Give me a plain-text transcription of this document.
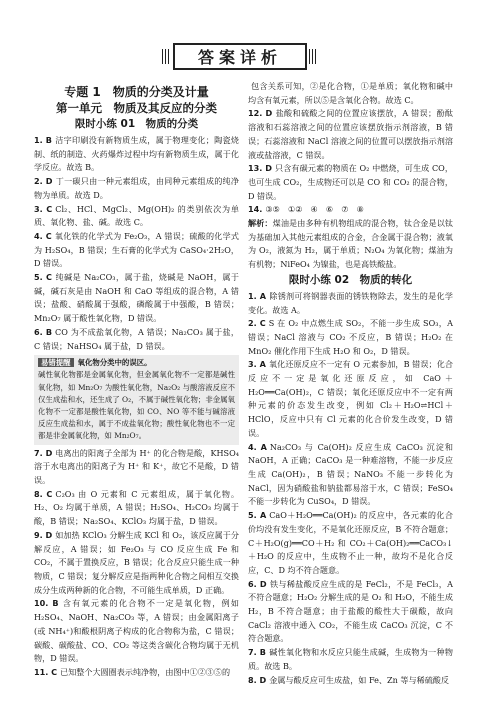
答案详析
专题 1　物质的分类及计量
第一单元　物质及其反应的分类
限时小练 01　物质的分类

1. B 洁字印刷没有新物质生成，属于物理变化；陶瓷烧制、纸的制造、火药爆炸过程中均有新物质生成，属于化学反应。故选 B。

2. D 丁一碳只由一种元素组成，由同种元素组成的纯净物为单质。故选 D。

3. C Cl₂、HCl、MgCl₂、Mg(OH)₂ 的类别依次为单质、氧化物、盐、碱。故选 C。

4. C 氧化铁的化学式为 Fe₂O₃，A 错误；硫酸的化学式为 H₂SO₄，B 错误；生石膏的化学式为 CaSO₄·2H₂O，D 错误。

5. C 纯碱是 Na₂CO₃，属于盐，烧碱是 NaOH，属于碱，碱石灰是由 NaOH 和 CaO 等组成的混合物，A 错误；盐酸、硝酸属于强酸，磷酸属于中强酸，B 错误；Mn₂O₇ 属于酸性氧化物，D 错误。

6. B CO 为不成盐氧化物，A 错误；Na₂CO₃ 属于盐，C 错误；NaHSO₄ 属于盐，D 错误。

易错提醒 氧化物分类中的误区。
碱性氧化物都是金属氧化物，但金属氧化物不一定都是碱性氧化物，如 Mn₂O₇ 为酸性氧化物，Na₂O₂ 与酸溶液反应不仅生成盐和水，还生成了 O₂，不属于碱性氧化物；非金属氧化物不一定都是酸性氧化物，如 CO、NO 等不能与碱溶液反应生成盐和水，属于不成盐氧化物；酸性氧化物也不一定都是非金属氧化物，如 Mn₂O₇。

7. D 电离出的阳离子全部为 H⁺ 的化合物是酸，KHSO₄ 溶于水电离出的阳离子为 H⁺ 和 K⁺，故它不是酸，D 错误。

8. C C₂O₃ 由 O 元素和 C 元素组成，属于氧化物。H₂、O₂ 均属于单质，A 错误；H₂SO₄、H₂CO₃ 均属于酸，B 错误；Na₂SO₄、KClO₃ 均属于盐，D 错误。

9. D 如加热 KClO₃ 分解生成 KCl 和 O₂，该反应属于分解反应，A 错误；如 Fe₂O₃ 与 CO 反应生成 Fe 和 CO₂，不属于置换反应，B 错误；化合反应只能生成一种物质，C 错误；复分解反应是指两种化合物之间相互交换成分生成两种新的化合物，不可能生成单质，D 正确。

10. B 含有氧元素的化合物不一定是氧化物，例如 H₂SO₄、NaOH、Na₂CO₃ 等，A 错误；由金属阳离子(或 NH₄⁺)和酸根阴离子构成的化合物称为盐，C 错误；碳酸、碳酸盐、CO、CO₂ 等这类含碳化合物均属于无机物，D 错误。

11. C 已知整个大圆圈表示纯净物，由图中①②③⑤的

包含关系可知，②是化合物，①是单质；氧化物和碱中均含有氧元素，所以⑤是含氧化合物。故选 C。

12. D 盐酸和硫酸之间的位置应该摆放，A 错误；酚酞溶液和石蕊溶液之间的位置应该摆放指示剂溶液，B 错误；石蕊溶液和 NaCl 溶液之间的位置可以摆放指示剂溶液或盐溶液，C 错误。

13. D 只含有碳元素的物质在 O₂ 中燃烧，可生成 CO，也可生成 CO₂，生成物还可以是 CO 和 CO₂ 的混合物，D 错误。

14. ③⑤　①②　④　⑥　⑦　⑧

解析：煤油是由多种有机物组成的混合物，钛合金是以钛为基础加入其他元素组成的合金，合金属于混合物；液氧为 O₂，液氮为 H₂，属于单质；N₂O₄ 为氧化物；煤油为有机物；NiFeO₄ 为镍盐，也是高铁酸盐。

限时小练 02　物质的转化

1. A 除锈剂可将钢器表面的锈铁物除去，发生的是化学变化。故选 A。

2. C S 在 O₂ 中点燃生成 SO₂，不能一步生成 SO₃，A 错误；NaCl 溶液与 CO₂ 不反应，B 错误；H₂O₂ 在 MnO₂ 催化作用下生成 H₂O 和 O₂，D 错误。

3. A 氧化还原反应不一定有 O 元素参加，B 错误；化合反应不一定是氧化还原反应，如 CaO＋H₂O══Ca(OH)₂，C 错误；氧化还原反应中不一定有两种元素的价态发生改变，例如 Cl₂＋H₂O⇌HCl＋HClO，反应中只有 Cl 元素的化合价发生改变，D 错误。

4. A Na₂CO₃ 与 Ca(OH)₂ 反应生成 CaCO₃ 沉淀和 NaOH，A 正确；CaCO₃ 是一种难溶物，不能一步反应生成 Ca(OH)₂，B 错误；NaNO₃ 不能一步转化为 NaCl，因为硝酸盐和钠盐都易溶于水，C 错误；FeSO₄ 不能一步转化为 CuSO₄，D 错误。

5. A CaO＋H₂O══Ca(OH)₂ 的反应中，各元素的化合价均没有发生变化，不是氧化还原反应，B 不符合题意；C＋H₂O(g)══CO＋H₂ 和 CO₂＋Ca(OH)₂══CaCO₃↓＋H₂O 的反应中，生成物不止一种，故均不是化合反应，C、D 均不符合题意。

6. D 铁与稀盐酸反应生成的是 FeCl₂，不是 FeCl₃，A 不符合题意；H₂O₂ 分解生成的是 O₂ 和 H₂O，不能生成 H₂，B 不符合题意；由于盐酸的酸性大于碳酸，故向 CaCl₂ 溶液中通入 CO₂，不能生成 CaCO₃ 沉淀，C 不符合题意。

7. B 碱性氧化物和水反应只能生成碱，生成物为一种物质。故选 B。

8. D 金属与酸反应可生成盐，如 Fe、Zn 等与稀硫酸反
